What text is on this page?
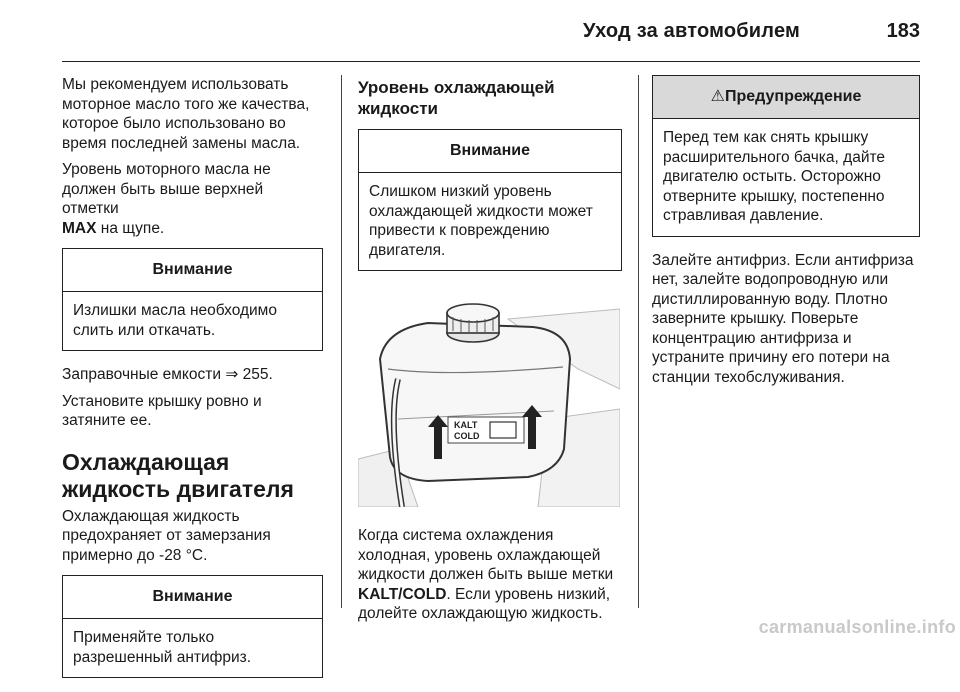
Уход за автомобилем	183

Мы рекомендуем использовать моторное масло того же качества, которое было использовано во время последней замены масла.

Уровень моторного масла не должен быть выше верхней отметки
MAX на щупе.

Внимание
Излишки масла необходимо слить или откачать.

Заправочные емкости ⇒ 255.

Установите крышку ровно и затяните ее.

Охлаждающая жидкость двигателя

Охлаждающая жидкость предохраняет от замерзания примерно до -28 °C.

Внимание
Применяйте только разрешенный антифриз.
Уровень охлаждающей жидкости
Внимание
Слишком низкий уровень охлаждающей жидкости может привести к повреждению двигателя.
KALT
COLD

Когда система охлаждения холодная, уровень охлаждающей жидкости должен быть выше метки KALT/COLD. Если уровень низкий, долейте охлаждающую жидкость.

⚠Предупреждение
Перед тем как снять крышку расширительного бачка, дайте двигателю остыть. Осторожно отверните крышку, постепенно стравливая давление.

Залейте антифриз. Если антифриза нет, залейте водопроводную или дистиллированную воду. Плотно заверните крышку. Поверьте концентрацию антифриза и устраните причину его потери на станции техобслуживания.

carmanualsonline.info
